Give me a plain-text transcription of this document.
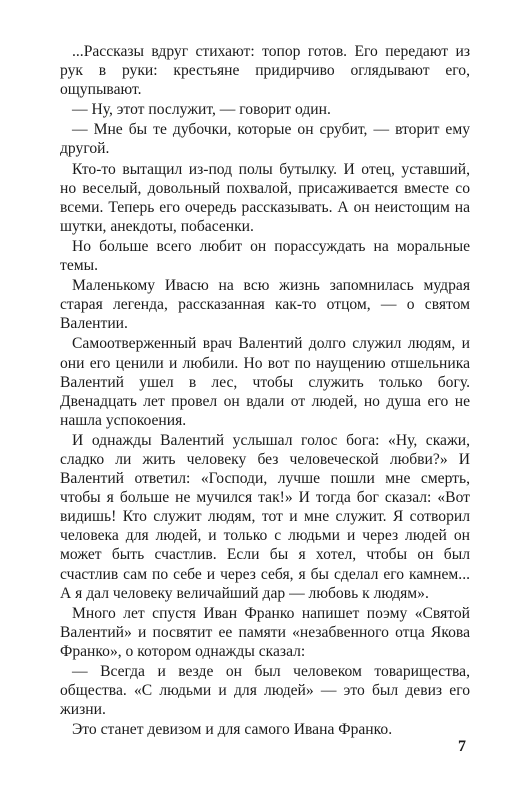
...Рассказы вдруг стихают: топор готов. Его передают из рук в руки: крестьяне придирчиво оглядывают его, ощупывают.

— Ну, этот послужит, — говорит один.

— Мне бы те дубочки, которые он срубит, — вторит ему другой.

Кто-то вытащил из-под полы бутылку. И отец, уставший, но веселый, довольный похвалой, присаживается вместе со всеми. Теперь его очередь рассказывать. А он неистощим на шутки, анекдоты, побасенки.

Но больше всего любит он порассуждать на моральные темы.

Маленькому Ивасю на всю жизнь запомнилась мудрая старая легенда, рассказанная как-то отцом, — о святом Валентии.

Самоотверженный врач Валентий долго служил людям, и они его ценили и любили. Но вот по наущению отшельника Валентий ушел в лес, чтобы служить только богу. Двенадцать лет провел он вдали от людей, но душа его не нашла успокоения.

И однажды Валентий услышал голос бога: «Ну, скажи, сладко ли жить человеку без человеческой любви?» И Валентий ответил: «Господи, лучше пошли мне смерть, чтобы я больше не мучился так!» И тогда бог сказал: «Вот видишь! Кто служит людям, тот и мне служит. Я сотворил человека для людей, и только с людьми и через людей он может быть счастлив. Если бы я хотел, чтобы он был счастлив сам по себе и через себя, я бы сделал его камнем... А я дал человеку величайший дар — любовь к людям».

Много лет спустя Иван Франко напишет поэму «Святой Валентий» и посвятит ее памяти «незабвенного отца Якова Франко», о котором однажды сказал:

— Всегда и везде он был человеком товарищества, общества. «С людьми и для людей» — это был девиз его жизни.

Это станет девизом и для самого Ивана Франко.

7
